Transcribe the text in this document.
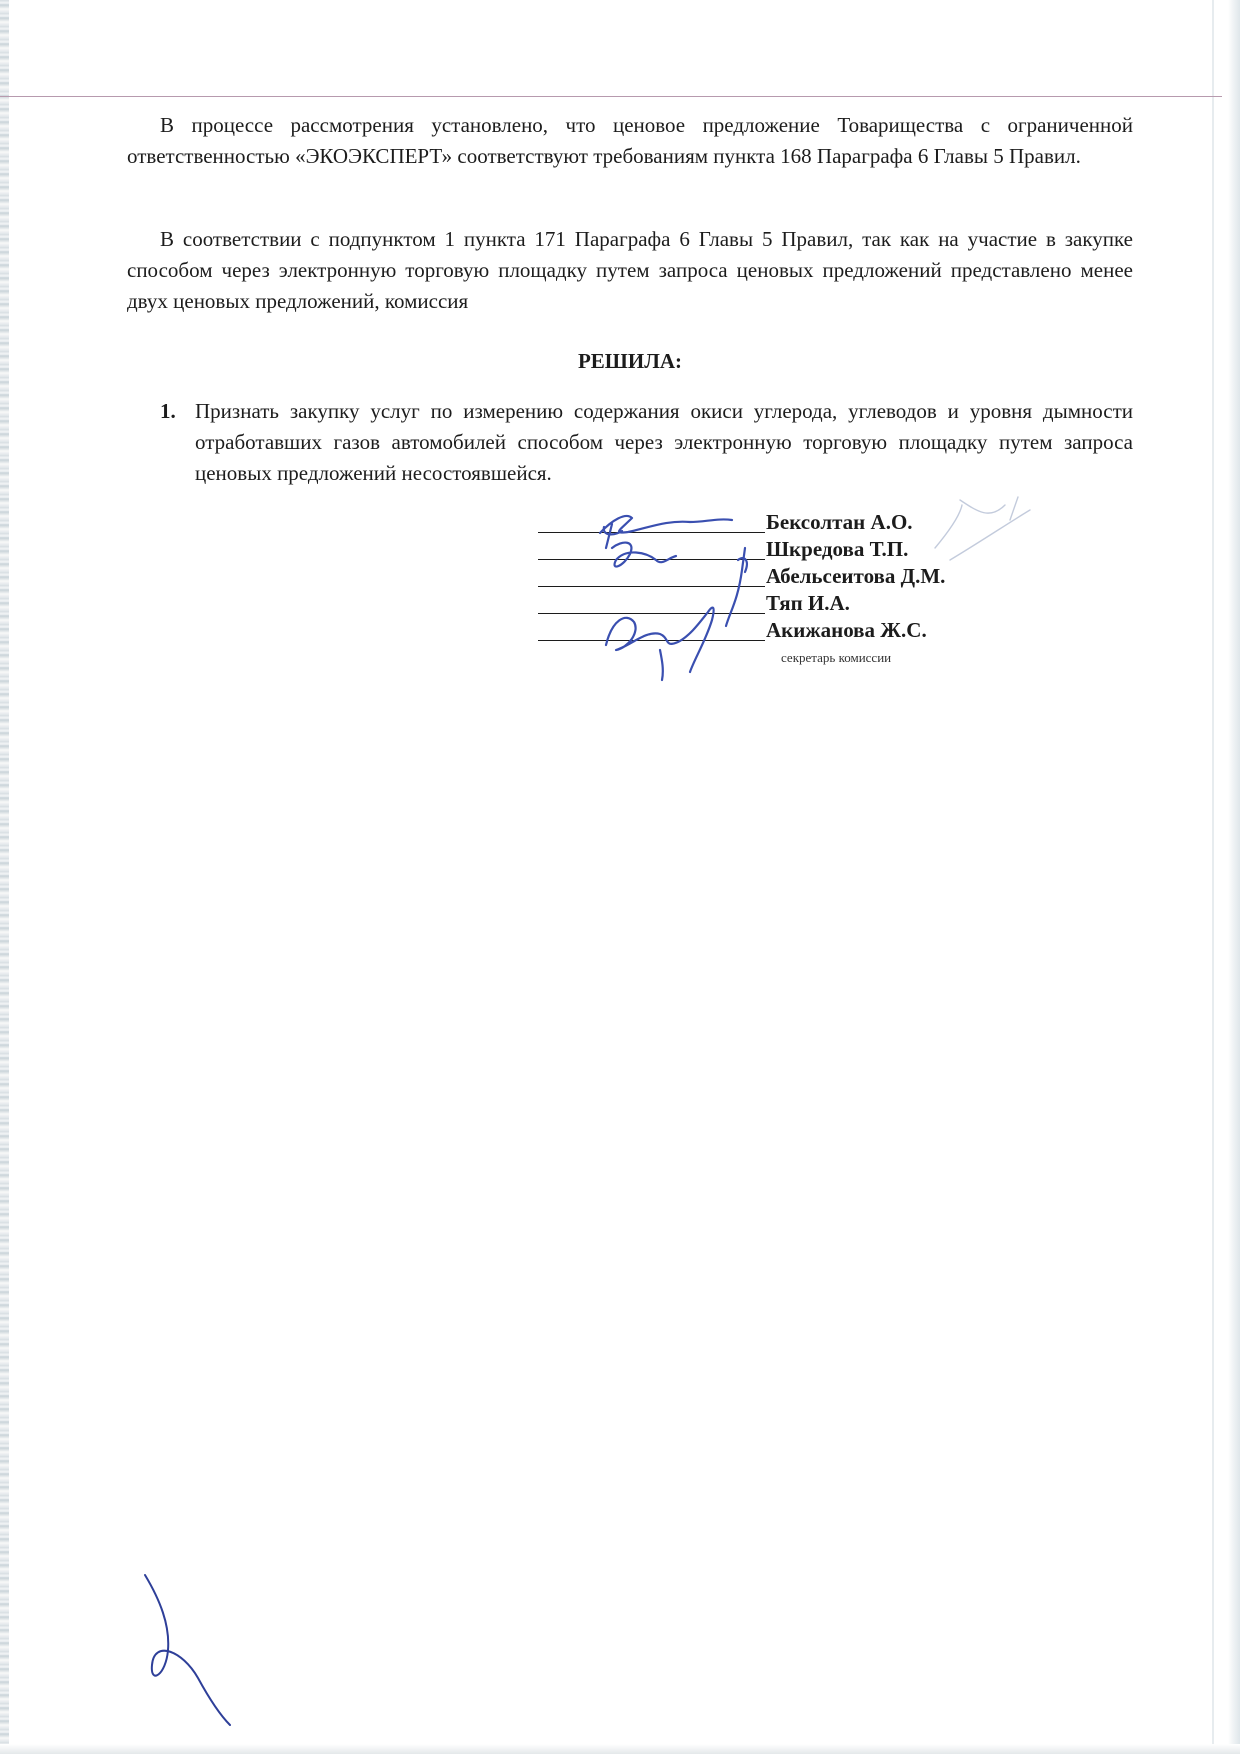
В процессе рассмотрения установлено, что ценовое предложение Товарищества с ограниченной ответственностью «ЭКОЭКСПЕРТ» соответствуют требованиям пункта 168 Параграфа 6 Главы 5 Правил.

В соответствии с подпунктом 1 пункта 171 Параграфа 6 Главы 5 Правил, так как на участие в закупке способом через электронную торговую площадку путем запроса ценовых предложений представлено менее двух ценовых предложений, комиссия

РЕШИЛА:

1. Признать закупку услуг по измерению содержания окиси углерода, углеводов и уровня дымности отработавших газов автомобилей способом через электронную торговую площадку путем запроса ценовых предложений несостоявшейся.

Бексолтан А.О.
Шкредова Т.П.
Абельсеитова Д.М.
Тяп И.А.
Акижанова Ж.С.
секретарь комиссии
